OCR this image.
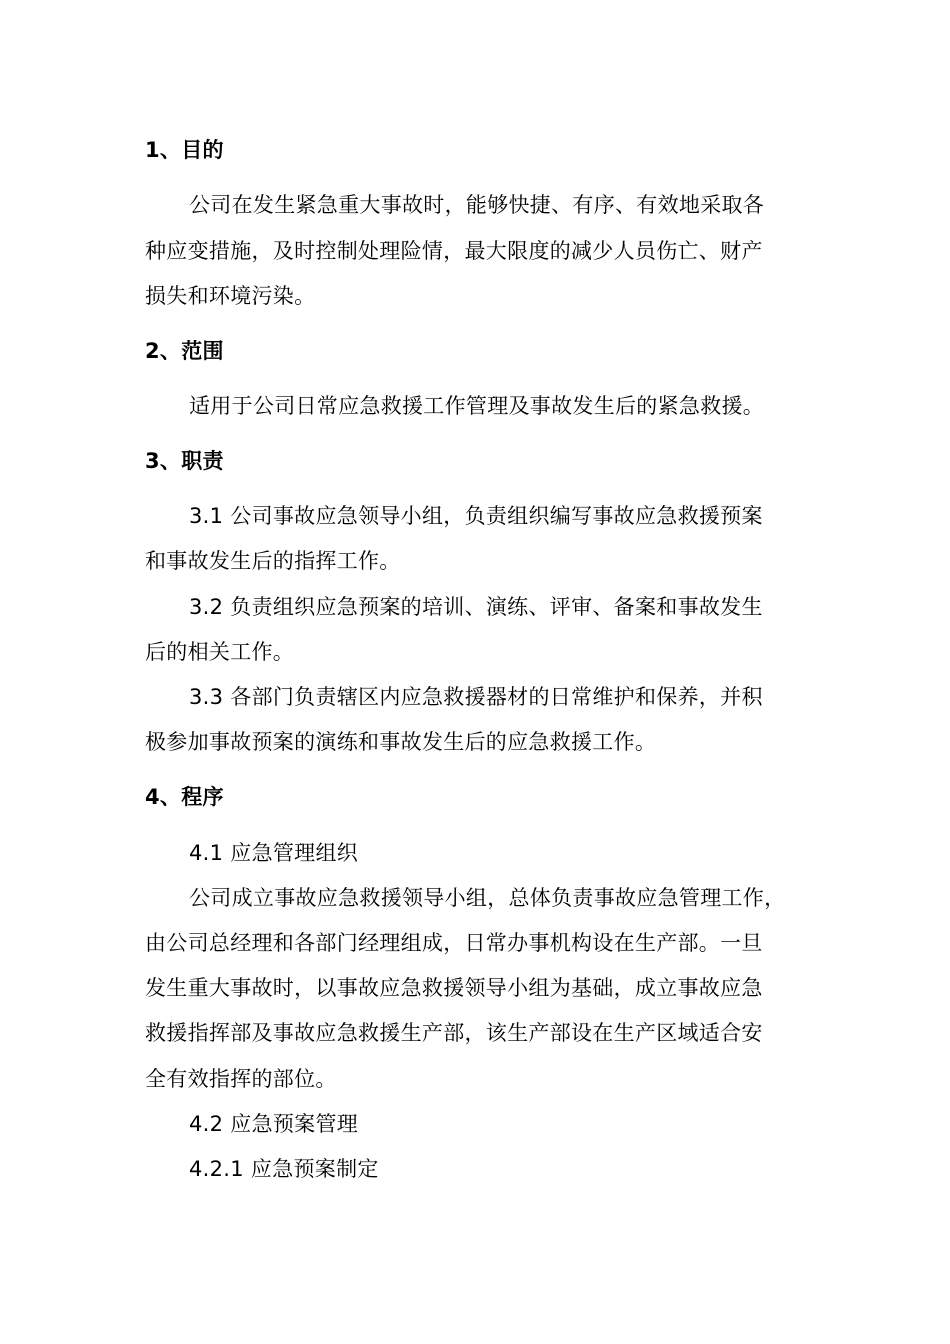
1、目的
公司在发生紧急重大事故时，能够快捷、有序、有效地采取各
种应变措施，及时控制处理险情，最大限度的减少人员伤亡、财产
损失和环境污染。
2、范围
适用于公司日常应急救援工作管理及事故发生后的紧急救援。
3、职责
3.1 公司事故应急领导小组，负责组织编写事故应急救援预案
和事故发生后的指挥工作。
3.2 负责组织应急预案的培训、演练、评审、备案和事故发生
后的相关工作。
3.3 各部门负责辖区内应急救援器材的日常维护和保养，并积
极参加事故预案的演练和事故发生后的应急救援工作。
4、程序
4.1 应急管理组织
公司成立事故应急救援领导小组，总体负责事故应急管理工作，
由公司总经理和各部门经理组成，日常办事机构设在生产部。一旦
发生重大事故时，以事故应急救援领导小组为基础，成立事故应急
救援指挥部及事故应急救援生产部，该生产部设在生产区域适合安
全有效指挥的部位。
4.2 应急预案管理
4.2.1 应急预案制定
